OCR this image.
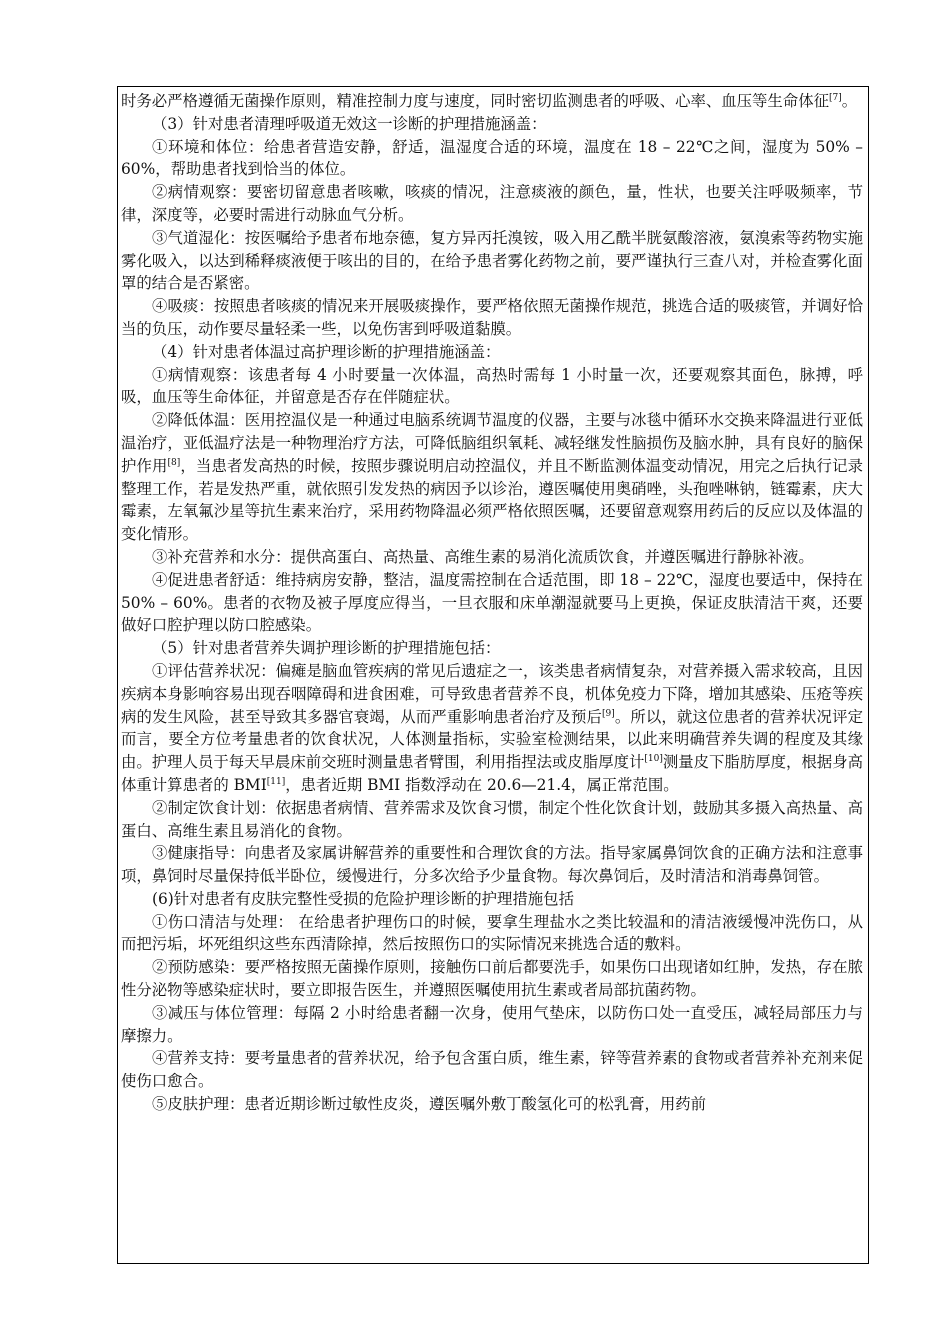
时务必严格遵循无菌操作原则，精准控制力度与速度，同时密切监测患者的呼吸、心率、血压等生命体征[7]。

（3）针对患者清理呼吸道无效这一诊断的护理措施涵盖：

①环境和体位：给患者营造安静，舒适，温湿度合适的环境，温度在 18 – 22℃之间，湿度为 50% – 60%，帮助患者找到恰当的体位。

②病情观察：要密切留意患者咳嗽，咳痰的情况，注意痰液的颜色，量，性状，也要关注呼吸频率，节律，深度等，必要时需进行动脉血气分析。

③气道湿化：按医嘱给予患者布地奈德，复方异丙托溴铵，吸入用乙酰半胱氨酸溶液，氨溴索等药物实施雾化吸入，以达到稀释痰液便于咳出的目的，在给予患者雾化药物之前，要严谨执行三查八对，并检查雾化面罩的结合是否紧密。

④吸痰：按照患者咳痰的情况来开展吸痰操作，要严格依照无菌操作规范，挑选合适的吸痰管，并调好恰当的负压，动作要尽量轻柔一些，以免伤害到呼吸道黏膜。

（4）针对患者体温过高护理诊断的护理措施涵盖：

①病情观察：该患者每 4 小时要量一次体温，高热时需每 1 小时量一次，还要观察其面色，脉搏，呼吸，血压等生命体征，并留意是否存在伴随症状。

②降低体温：医用控温仪是一种通过电脑系统调节温度的仪器，主要与冰毯中循环水交换来降温进行亚低温治疗，亚低温疗法是一种物理治疗方法，可降低脑组织氧耗、减轻继发性脑损伤及脑水肿，具有良好的脑保护作用[8]，当患者发高热的时候，按照步骤说明启动控温仪，并且不断监测体温变动情况，用完之后执行记录整理工作，若是发热严重，就依照引发发热的病因予以诊治，遵医嘱使用奥硝唑，头孢唑啉钠，链霉素，庆大霉素，左氧氟沙星等抗生素来治疗，采用药物降温必须严格依照医嘱，还要留意观察用药后的反应以及体温的变化情形。

③补充营养和水分：提供高蛋白、高热量、高维生素的易消化流质饮食，并遵医嘱进行静脉补液。

④促进患者舒适：维持病房安静，整洁，温度需控制在合适范围，即 18 – 22℃，湿度也要适中，保持在 50% – 60%。患者的衣物及被子厚度应得当，一旦衣服和床单潮湿就要马上更换，保证皮肤清洁干爽，还要做好口腔护理以防口腔感染。

（5）针对患者营养失调护理诊断的护理措施包括：

①评估营养状况：偏瘫是脑血管疾病的常见后遗症之一，该类患者病情复杂，对营养摄入需求较高，且因疾病本身影响容易出现吞咽障碍和进食困难，可导致患者营养不良，机体免疫力下降，增加其感染、压疮等疾病的发生风险，甚至导致其多器官衰竭，从而严重影响患者治疗及预后[9]。所以，就这位患者的营养状况评定而言，要全方位考量患者的饮食状况，人体测量指标，实验室检测结果，以此来明确营养失调的程度及其缘由。护理人员于每天早晨床前交班时测量患者臂围，利用指捏法或皮脂厚度计[10]测量皮下脂肪厚度，根据身高体重计算患者的 BMI[11]，患者近期 BMI 指数浮动在 20.6—21.4，属正常范围。

②制定饮食计划：依据患者病情、营养需求及饮食习惯，制定个性化饮食计划，鼓励其多摄入高热量、高蛋白、高维生素且易消化的食物。

③健康指导：向患者及家属讲解营养的重要性和合理饮食的方法。指导家属鼻饲饮食的正确方法和注意事项，鼻饲时尽量保持低半卧位，缓慢进行，分多次给予少量食物。每次鼻饲后，及时清洁和消毒鼻饲管。

(6)针对患者有皮肤完整性受损的危险护理诊断的护理措施包括

①伤口清洁与处理： 在给患者护理伤口的时候，要拿生理盐水之类比较温和的清洁液缓慢冲洗伤口，从而把污垢，坏死组织这些东西清除掉，然后按照伤口的实际情况来挑选合适的敷料。

②预防感染：要严格按照无菌操作原则，接触伤口前后都要洗手，如果伤口出现诸如红肿，发热，存在脓性分泌物等感染症状时，要立即报告医生，并遵照医嘱使用抗生素或者局部抗菌药物。

③减压与体位管理：每隔 2 小时给患者翻一次身，使用气垫床，以防伤口处一直受压，减轻局部压力与摩擦力。

④营养支持：要考量患者的营养状况，给予包含蛋白质，维生素，锌等营养素的食物或者营养补充剂来促使伤口愈合。

⑤皮肤护理：患者近期诊断过敏性皮炎，遵医嘱外敷丁酸氢化可的松乳膏，用药前
